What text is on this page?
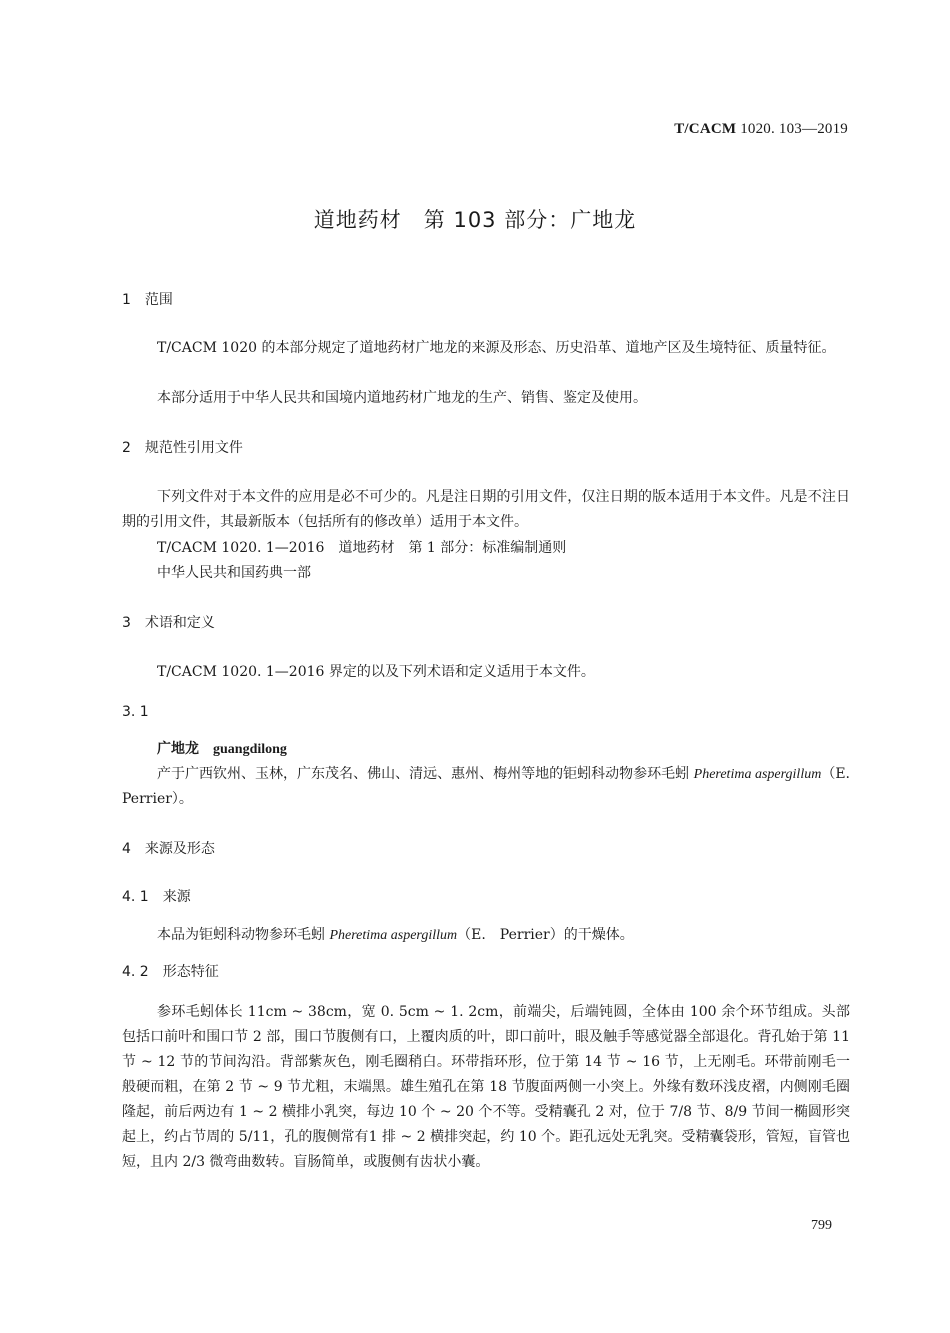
T/CACM 1020. 103—2019
道地药材　第 103 部分：广地龙
1　范围
T/CACM 1020 的本部分规定了道地药材广地龙的来源及形态、历史沿革、道地产区及生境特征、质量特征。
本部分适用于中华人民共和国境内道地药材广地龙的生产、销售、鉴定及使用。
2　规范性引用文件
下列文件对于本文件的应用是必不可少的。凡是注日期的引用文件，仅注日期的版本适用于本文件。凡是不注日期的引用文件，其最新版本（包括所有的修改单）适用于本文件。
T/CACM 1020. 1—2016　道地药材　第 1 部分：标准编制通则
中华人民共和国药典一部
3　术语和定义
T/CACM 1020. 1—2016 界定的以及下列术语和定义适用于本文件。
3. 1
广地龙　 guangdilong
产于广西钦州、玉林，广东茂名、佛山、清远、惠州、梅州等地的钜蚓科动物参环毛蚓 Pheretima aspergillum（E.　Perrier）。
4　来源及形态
4. 1　来源
本品为钜蚓科动物参环毛蚓 Pheretima aspergillum（E.　Perrier）的干燥体。
4. 2　形态特征
参环毛蚓体长 11cm ~ 38cm，宽 0. 5cm ~ 1. 2cm，前端尖，后端钝圆，全体由 100 余个环节组成。头部包括口前叶和围口节 2 部，围口节腹侧有口，上覆肉质的叶，即口前叶，眼及触手等感觉器全部退化。背孔始于第 11 节 ~ 12 节的节间沟沿。背部紫灰色，刚毛圈稍白。环带指环形，位于第 14 节 ~ 16 节，上无刚毛。环带前刚毛一般硬而粗，在第 2 节 ~ 9 节尤粗，末端黑。雄生殖孔在第 18 节腹面两侧一小突上。外缘有数环浅皮褶，内侧刚毛圈隆起，前后两边有 1 ~ 2 横排小乳突，每边 10 个 ~ 20 个不等。受精囊孔 2 对，位于 7/8 节、8/9 节间一椭圆形突起上，约占节周的 5/11，孔的腹侧常有1 排 ~ 2 横排突起，约 10 个。距孔远处无乳突。受精囊袋形，管短，盲管也短，且内 2/3 微弯曲数转。盲肠简单，或腹侧有齿状小囊。
799
